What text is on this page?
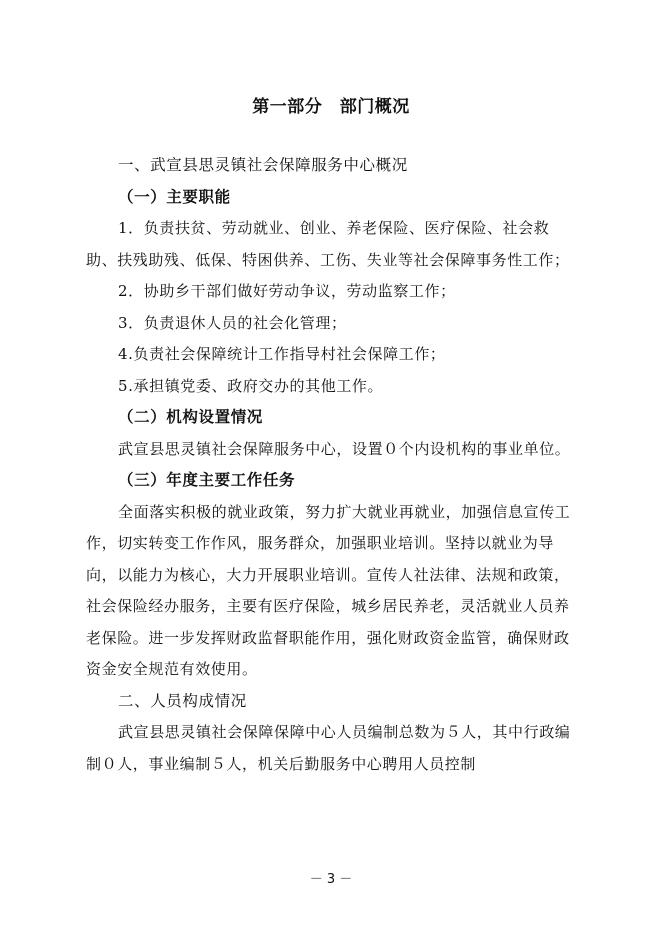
第一部分　部门概况

一、武宣县思灵镇社会保障服务中心概况

（一）主要职能

1．负责扶贫、劳动就业、创业、养老保险、医疗保险、社会救助、扶残助残、低保、特困供养、工伤、失业等社会保障事务性工作；

2．协助乡干部们做好劳动争议，劳动监察工作；

3．负责退休人员的社会化管理；

4.负责社会保障统计工作指导村社会保障工作；

5.承担镇党委、政府交办的其他工作。

（二）机构设置情况

武宣县思灵镇社会保障服务中心，设置０个内设机构的事业单位。

（三）年度主要工作任务

全面落实积极的就业政策，努力扩大就业再就业，加强信息宣传工作，切实转变工作作风，服务群众，加强职业培训。坚持以就业为导向，以能力为核心，大力开展职业培训。宣传人社法律、法规和政策，社会保险经办服务，主要有医疗保险，城乡居民养老，灵活就业人员养老保险。进一步发挥财政监督职能作用，强化财政资金监管，确保财政资金安全规范有效使用。

二、人员构成情况

武宣县思灵镇社会保障保障中心人员编制总数为５人，其中行政编制０人，事业编制５人，机关后勤服务中心聘用人员控制

－ 3 －
